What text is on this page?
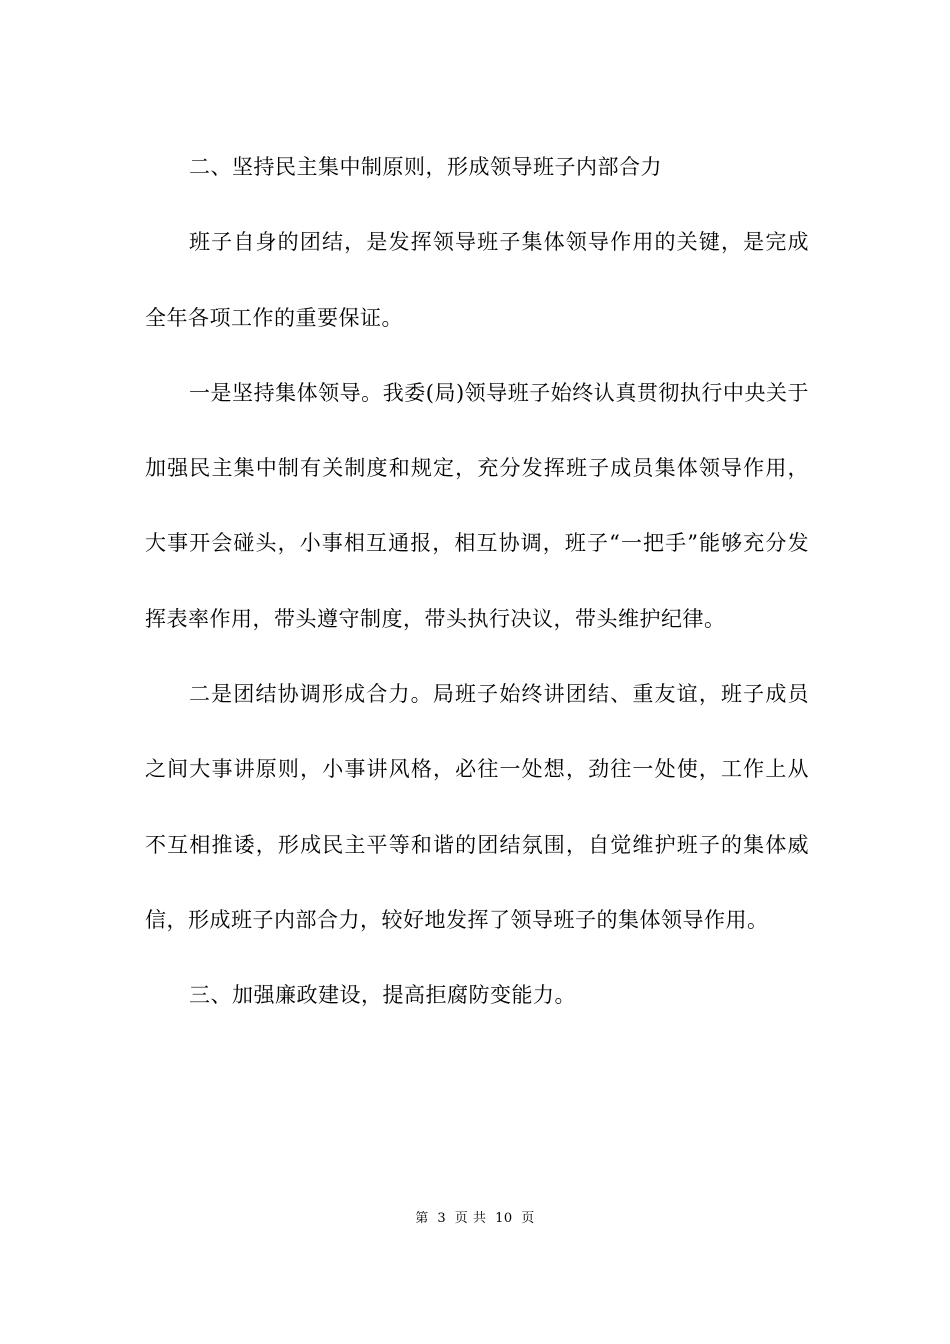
二、坚持民主集中制原则，形成领导班子内部合力

班子自身的团结，是发挥领导班子集体领导作用的关键，是完成全年各项工作的重要保证。

一是坚持集体领导。我委(局)领导班子始终认真贯彻执行中央关于加强民主集中制有关制度和规定，充分发挥班子成员集体领导作用，大事开会碰头，小事相互通报，相互协调，班子“一把手”能够充分发挥表率作用，带头遵守制度，带头执行决议，带头维护纪律。

二是团结协调形成合力。局班子始终讲团结、重友谊，班子成员之间大事讲原则，小事讲风格，必往一处想，劲往一处使，工作上从不互相推诿，形成民主平等和谐的团结氛围，自觉维护班子的集体威信，形成班子内部合力，较好地发挥了领导班子的集体领导作用。

三、加强廉政建设，提高拒腐防变能力。

第 3 页 共 10 页
